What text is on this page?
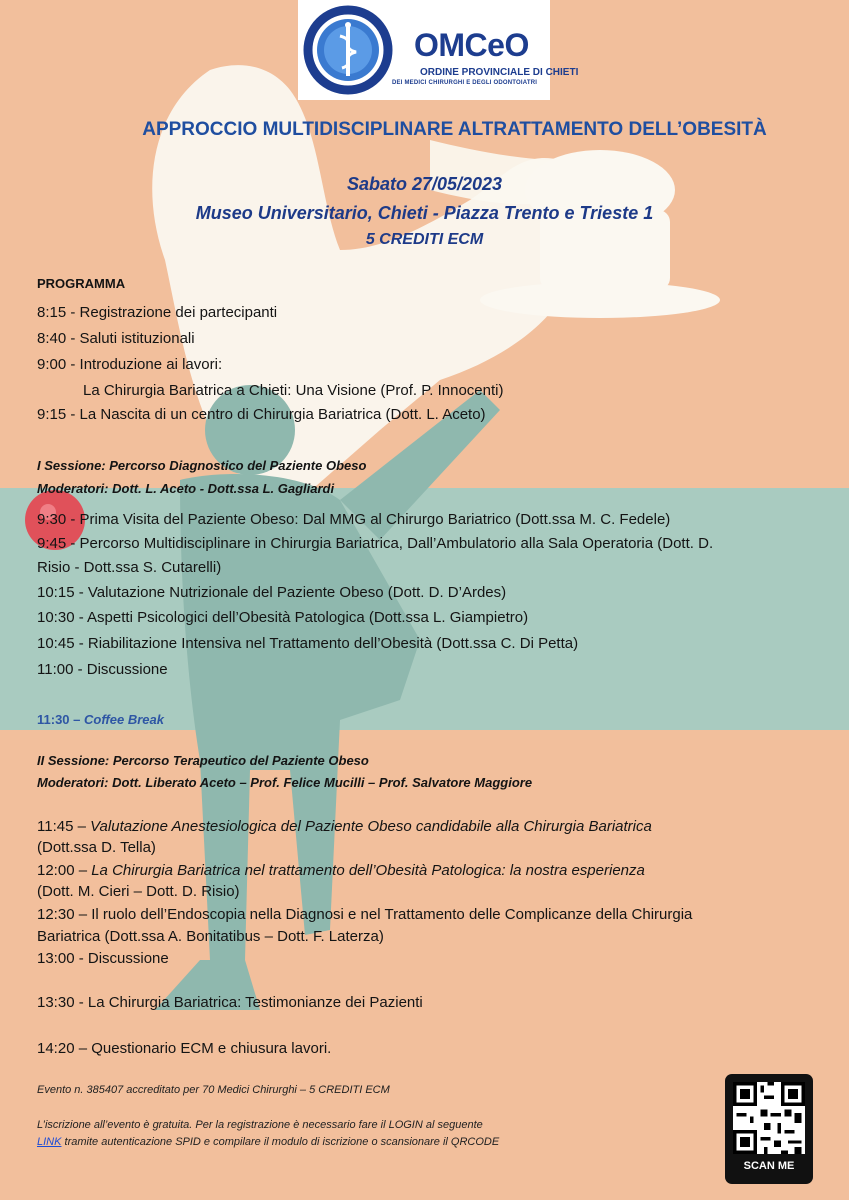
OMCeO
ORDINE PROVINCIALE DI CHIETI
DEI MEDICI CHIRURGHI E DEGLI ODONTOIATRI
APPROCCIO MULTIDISCIPLINARE ALTRATTAMENTO DELL’OBESITÀ
Sabato 27/05/2023
Museo Universitario, Chieti - Piazza Trento e Trieste 1
5 CREDITI ECM
PROGRAMMA
8:15 - Registrazione dei partecipanti
8:40 - Saluti istituzionali
9:00 - Introduzione ai lavori:
La Chirurgia Bariatrica a Chieti: Una Visione (Prof. P. Innocenti)
9:15 - La Nascita di un centro di Chirurgia Bariatrica (Dott. L. Aceto)
I Sessione: Percorso Diagnostico del Paziente Obeso
Moderatori: Dott. L. Aceto - Dott.ssa L. Gagliardi
9:30 - Prima Visita del Paziente Obeso: Dal MMG al Chirurgo Bariatrico (Dott.ssa M. C. Fedele)
9:45 - Percorso Multidisciplinare in Chirurgia Bariatrica, Dall’Ambulatorio alla Sala Operatoria (Dott. D.
Risio - Dott.ssa S. Cutarelli)
10:15 - Valutazione Nutrizionale del Paziente Obeso (Dott. D. D’Ardes)
10:30 - Aspetti Psicologici dell’Obesità Patologica (Dott.ssa L. Giampietro)
10:45 - Riabilitazione Intensiva nel Trattamento dell’Obesità (Dott.ssa C. Di Petta)
11:00 - Discussione
11:30 – Coffee Break
II Sessione: Percorso Terapeutico del Paziente Obeso
Moderatori: Dott. Liberato Aceto – Prof. Felice Mucilli – Prof. Salvatore Maggiore
11:45 – Valutazione Anestesiologica del Paziente Obeso candidabile alla Chirurgia Bariatrica
(Dott.ssa D. Tella)
12:00 – La Chirurgia Bariatrica nel trattamento dell’Obesità Patologica: la nostra esperienza
(Dott. M. Cieri – Dott. D. Risio)
12:30 – Il ruolo dell’Endoscopia nella Diagnosi e nel Trattamento delle Complicanze della Chirurgia
Bariatrica (Dott.ssa A. Bonitatibus – Dott. F. Laterza)
13:00 - Discussione
13:30 - La Chirurgia Bariatrica: Testimonianze dei Pazienti
14:20 – Questionario ECM e chiusura lavori.
Evento n. 385407 accreditato per 70 Medici Chirurghi – 5 CREDITI ECM
L’iscrizione all’evento è gratuita. Per la registrazione è necessario fare il LOGIN al seguente
LINK tramite autenticazione SPID e compilare il modulo di iscrizione o scansionare il QRCODE
SCAN ME
